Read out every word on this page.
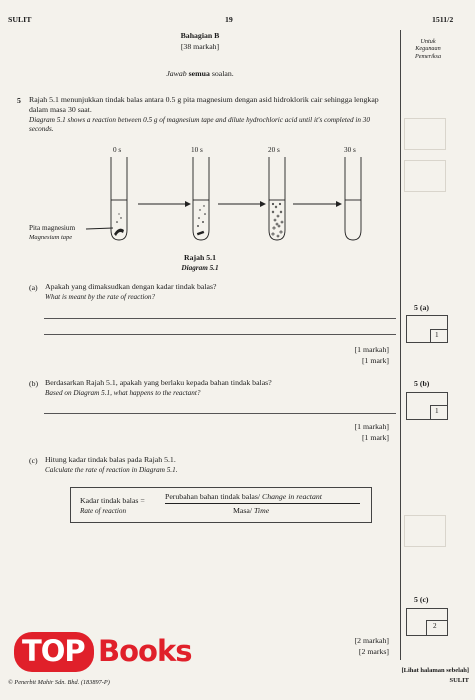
SULIT	19	1511/2
Untuk
Kegunaan
Pemeriksa
Bahagian B
[38 markah]
Jawab semua soalan.
5 Rajah 5.1 menunjukkan tindak balas antara 0.5 g pita magnesium dengan asid hidroklorik cair sehingga lengkap dalam masa 30 saat.
Diagram 5.1 shows a reaction between 0.5 g of magnesium tape and dilute hydrochloric acid until it's completed in 30 seconds.
0 s	10 s	20 s	30 s
Pita magnesium
Magnesium tape
Rajah 5.1
Diagram 5.1
(a) Apakah yang dimaksudkan dengan kadar tindak balas?
What is meant by the rate of reaction?
[1 markah]
[1 mark]
5 (a)
1
(b) Berdasarkan Rajah 5.1, apakah yang berlaku kepada bahan tindak balas?
Based on Diagram 5.1, what happens to the reactant?
[1 markah]
[1 mark]
5 (b)
1
(c) Hitung kadar tindak balas pada Rajah 5.1.
Calculate the rate of reaction in Diagram 5.1.
Kadar tindak balas =
Rate of reaction
Perubahan bahan tindak balas/ Change in reactant
Masa/ Time
5 (c)
2
[2 markah]
[2 marks]
© Penerbit Mahir Sdn. Bhd. (183897-P)
[Lihat halaman sebelah]
SULIT
TOP Books
